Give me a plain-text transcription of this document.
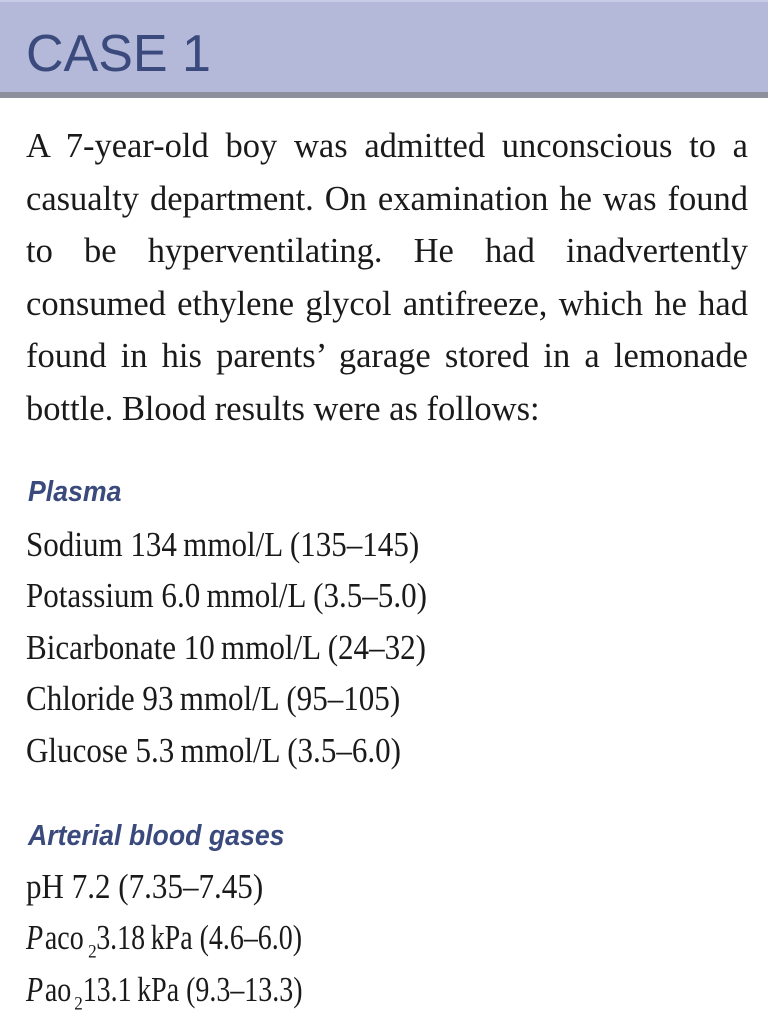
CASE 1

A 7-year-old boy was admitted unconscious to a casualty department. On examination he was found to be hyperventilating. He had inadvertently consumed ethylene glycol antifreeze, which he had found in his parents’ garage stored in a lemonade bottle. Blood results were as follows:

Plasma
Sodium 134 mmol/L (135–145)
Potassium 6.0 mmol/L (3.5–5.0)
Bicarbonate 10 mmol/L (24–32)
Chloride 93 mmol/L (95–105)
Glucose 5.3 mmol/L (3.5–6.0)
Arterial blood gases
pH 7.2 (7.35–7.45)
Paco $_2$3.18 kPa (4.6–6.0)
Pao $_2$13.1 kPa (9.3–13.3)
